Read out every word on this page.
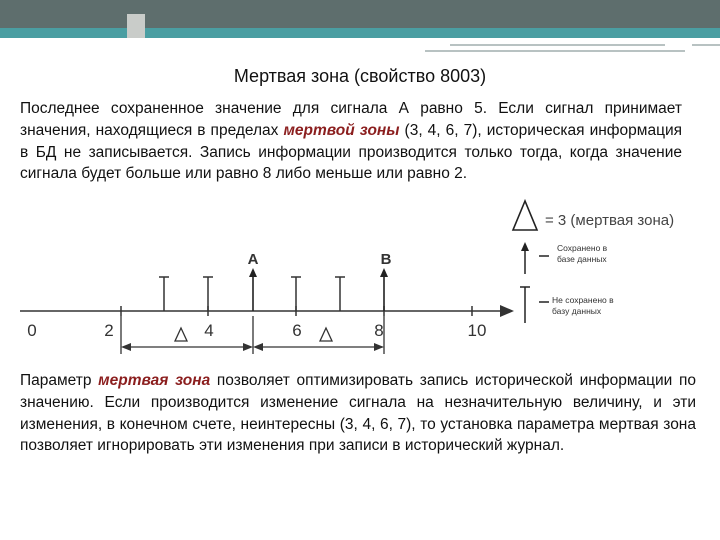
Мертвая зона (свойство 8003)
Последнее сохраненное значение для сигнала А равно 5. Если сигнал принимает значения, находящиеся в пределах мертвой зоны (3, 4, 6, 7), историческая информация в БД не записывается. Запись информации производится только тогда, когда значение сигнала будет больше или равно 8 либо меньше или равно 2.
= 3 (мертвая зона)
Сохранено в
базе данных
Не сохранено в
базу данных
0	2	4	6	8	10
А	B
Параметр мертвая зона позволяет оптимизировать запись исторической информации по значению. Если производится изменение сигнала на незначительную величину, и эти изменения, в конечном счете, неинтересны (3, 4, 6, 7), то установка параметра мертвая зона позволяет игнорировать эти изменения при записи в исторический журнал.
